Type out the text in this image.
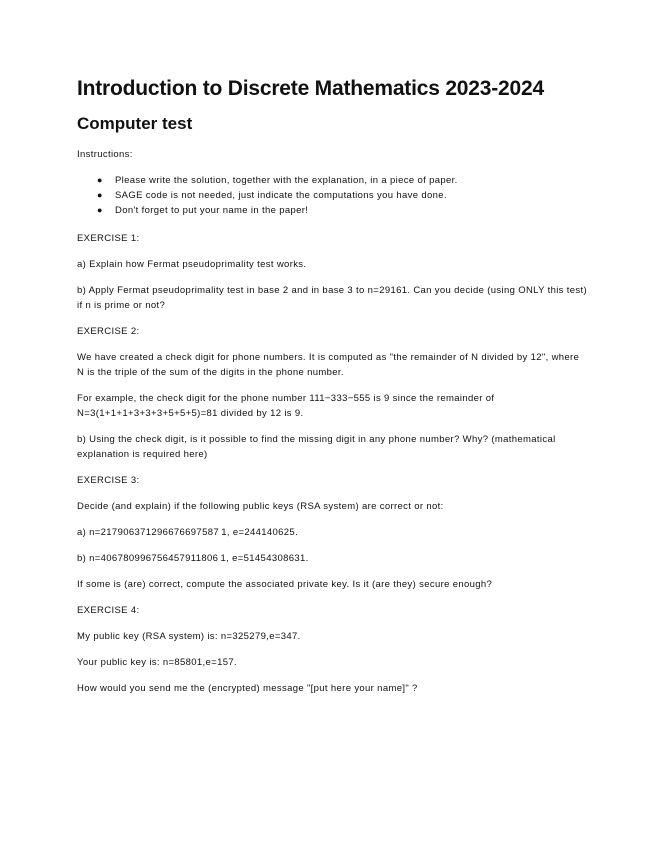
Introduction to Discrete Mathematics 2023-2024
Computer test

Instructions:

● Please write the solution, together with the explanation, in a piece of paper.
● SAGE code is not needed, just indicate the computations you have done.
● Don't forget to put your name in the paper!

EXERCISE 1:

a) Explain how Fermat pseudoprimality test works.

b) Apply Fermat pseudoprimality test in base 2 and in base 3 to n=29161. Can you decide (using ONLY this test) if n is prime or not?

EXERCISE 2:

We have created a check digit for phone numbers. It is computed as "the remainder of N divided by 12", where N is the triple of the sum of the digits in the phone number.

For example, the check digit for the phone number 111−333−555 is 9 since the remainder of N=3(1+1+1+3+3+3+5+5+5)=81 divided by 12 is 9.

b) Using the check digit, is it possible to find the missing digit in any phone number? Why? (mathematical explanation is required here)

EXERCISE 3:

Decide (and explain) if the following public keys (RSA system) are correct or not:

a) n=217906371296676697587 1, e=244140625.

b) n=406780996756457911806 1, e=51454308631.

If some is (are) correct, compute the associated private key. Is it (are they) secure enough?

EXERCISE 4:

My public key (RSA system) is: n=325279,e=347.

Your public key is: n=85801,e=157.

How would you send me the (encrypted) message "[put here your name]" ?
